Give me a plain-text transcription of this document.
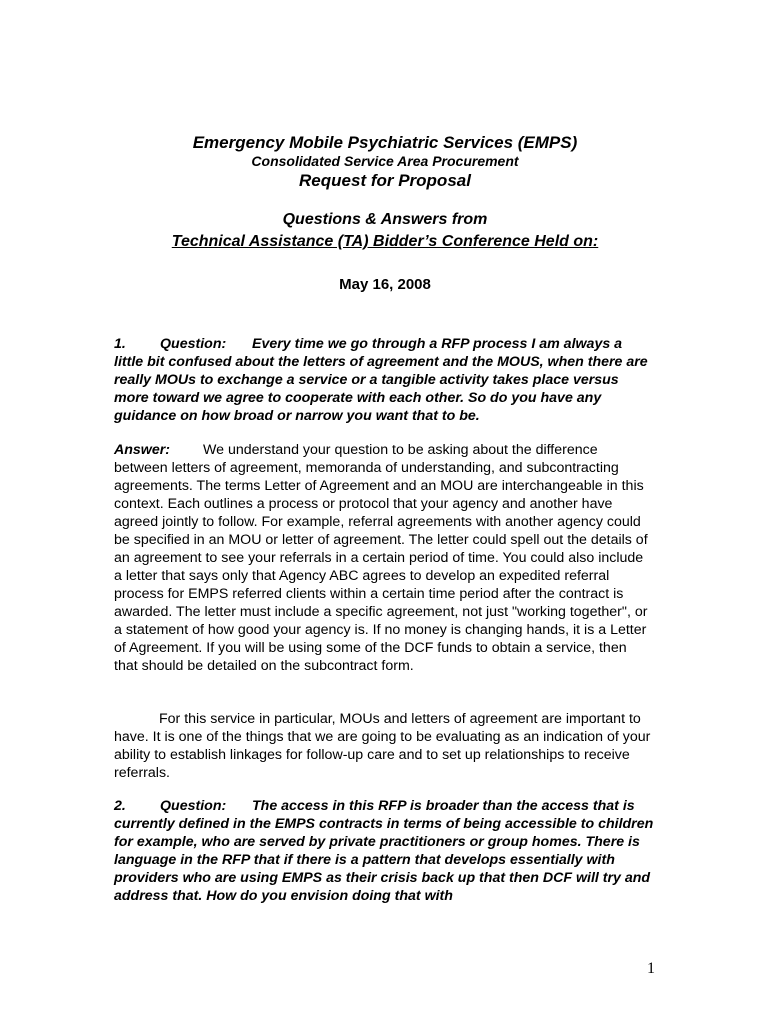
Emergency Mobile Psychiatric Services (EMPS)
Consolidated Service Area Procurement
Request for Proposal
Questions & Answers from
Technical Assistance (TA) Bidder’s Conference Held on:
May 16, 2008

1. Question: Every time we go through a RFP process I am always a little bit confused about the letters of agreement and the MOUS, when there are really MOUs to exchange a service or a tangible activity takes place versus more toward we agree to cooperate with each other. So do you have any guidance on how broad or narrow you want that to be.

Answer: We understand your question to be asking about the difference between letters of agreement, memoranda of understanding, and subcontracting agreements. The terms Letter of Agreement and an MOU are interchangeable in this context. Each outlines a process or protocol that your agency and another have agreed jointly to follow. For example, referral agreements with another agency could be specified in an MOU or letter of agreement. The letter could spell out the details of an agreement to see your referrals in a certain period of time. You could also include a letter that says only that Agency ABC agrees to develop an expedited referral process for EMPS referred clients within a certain time period after the contract is awarded. The letter must include a specific agreement, not just "working together", or a statement of how good your agency is. If no money is changing hands, it is a Letter of Agreement. If you will be using some of the DCF funds to obtain a service, then that should be detailed on the subcontract form.

For this service in particular, MOUs and letters of agreement are important to have. It is one of the things that we are going to be evaluating as an indication of your ability to establish linkages for follow-up care and to set up relationships to receive referrals.

2. Question: The access in this RFP is broader than the access that is currently defined in the EMPS contracts in terms of being accessible to children for example, who are served by private practitioners or group homes. There is language in the RFP that if there is a pattern that develops essentially with providers who are using EMPS as their crisis back up that then DCF will try and address that. How do you envision doing that with

1
